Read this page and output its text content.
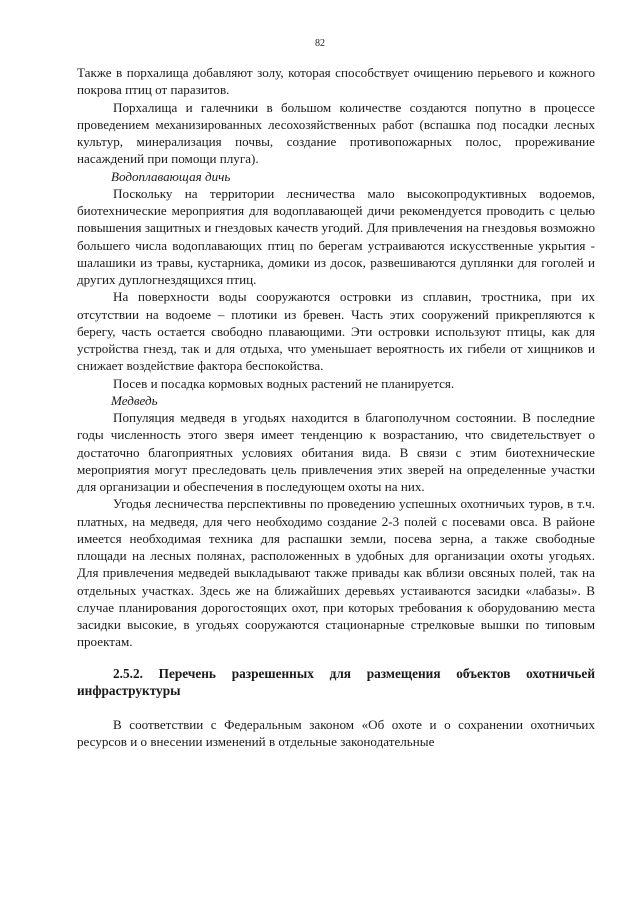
82

Также в порхалища добавляют золу, которая способствует очищению перьевого и кожного покрова птиц от паразитов.

Порхалища и галечники в большом количестве создаются попутно в процессе проведением механизированных лесохозяйственных работ (вспашка под посадки лесных культур, минерализация почвы, создание противопожарных полос, прореживание насаждений при помощи плуга).

Водоплавающая дичь

Поскольку на территории лесничества мало высокопродуктивных водоемов, биотехнические мероприятия для водоплавающей дичи рекомендуется проводить с целью повышения защитных и гнездовых качеств угодий. Для привлечения на гнездовья возможно большего числа водоплавающих птиц по берегам устраиваются искусственные укрытия - шалашики из травы, кустарника, домики из досок, развешиваются дуплянки для гоголей и других дуплогнездящихся птиц.

На поверхности воды сооружаются островки из сплавин, тростника, при их отсутствии на водоеме – плотики из бревен. Часть этих сооружений прикрепляются к берегу, часть остается свободно плавающими. Эти островки используют птицы, как для устройства гнезд, так и для отдыха, что уменьшает вероятность их гибели от хищников и снижает воздействие фактора беспокойства.

Посев и посадка кормовых водных растений не планируется.

Медведь

Популяция медведя в угодьях находится в благополучном состоянии. В последние годы численность этого зверя имеет тенденцию к возрастанию, что свидетельствует о достаточно благоприятных условиях обитания вида. В связи с этим биотехнические мероприятия могут преследовать цель привлечения этих зверей на определенные участки для организации и обеспечения в последующем охоты на них.

Угодья лесничества перспективны по проведению успешных охотничьих туров, в т.ч. платных, на медведя, для чего необходимо создание 2-3 полей с посевами овса. В районе имеется необходимая техника для распашки земли, посева зерна, а также свободные площади на лесных полянах, расположенных в удобных для организации охоты угодьях. Для привлечения медведей выкладывают также привады как вблизи овсяных полей, так на отдельных участках. Здесь же на ближайших деревьях устаиваются засидки «лабазы». В случае планирования дорогостоящих охот, при которых требования к оборудованию места засидки высокие, в угодьях сооружаются стационарные стрелковые вышки по типовым проектам.

2.5.2. Перечень разрешенных для размещения объектов охотничьей инфраструктуры

В соответствии с Федеральным законом «Об охоте и о сохранении охотничьих ресурсов и о внесении изменений в отдельные законодательные
